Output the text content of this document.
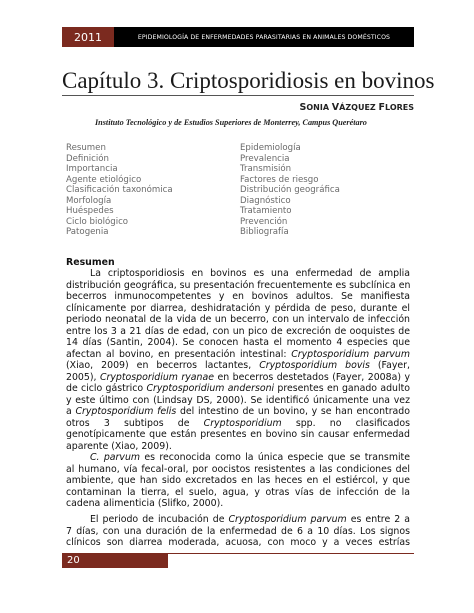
2011	EPIDEMIOLOGÍA DE ENFERMEDADES PARASITARIAS EN ANIMALES DOMÉSTICOS
Capítulo 3. Criptosporidiosis en bovinos
SONIA VÁZQUEZ FLORES
Instituto Tecnológico y de Estudios Superiores de Monterrey, Campus Querétaro
Resumen
Definición
Importancia
Agente etiológico
Clasificación taxonómica
Morfología
Huéspedes
Ciclo biológico
Patogenia
Epidemiología
Prevalencia
Transmisión
Factores de riesgo
Distribución geográfica
Diagnóstico
Tratamiento
Prevención
Bibliografía
Resumen
La criptosporidiosis en bovinos es una enfermedad de amplia
distribución geográfica, su presentación frecuentemente es subclínica en
becerros inmunocompetentes y en bovinos adultos. Se manifiesta
clínicamente por diarrea, deshidratación y pérdida de peso, durante el
periodo neonatal de la vida de un becerro, con un intervalo de infección
entre los 3 a 21 días de edad, con un pico de excreción de ooquistes de
14 días (Santin, 2004). Se conocen hasta el momento 4 especies que
afectan al bovino, en presentación intestinal: Cryptosporidium parvum
(Xiao, 2009) en becerros lactantes, Cryptosporidium bovis (Fayer,
2005), Cryptosporidium ryanae en becerros destetados (Fayer, 2008a) y
de ciclo gástrico Cryptosporidium andersoni presentes en ganado adulto
y este último con (Lindsay DS, 2000). Se identificó únicamente una vez
a Cryptosporidium felis del intestino de un bovino, y se han encontrado
otros 3 subtipos de Cryptosporidium spp. no clasificados
genotípicamente que están presentes en bovino sin causar enfermedad
aparente (Xiao, 2009).
C. parvum es reconocida como la única especie que se transmite
al humano, vía fecal-oral, por oocistos resistentes a las condiciones del
ambiente, que han sido excretados en las heces en el estiércol, y que
contaminan la tierra, el suelo, agua, y otras vías de infección de la
cadena alimenticia (Slifko, 2000).
El periodo de incubación de Cryptosporidium parvum es entre 2 a
7 días, con una duración de la enfermedad de 6 a 10 días. Los signos
clínicos son diarrea moderada, acuosa, con moco y a veces estrías
20
